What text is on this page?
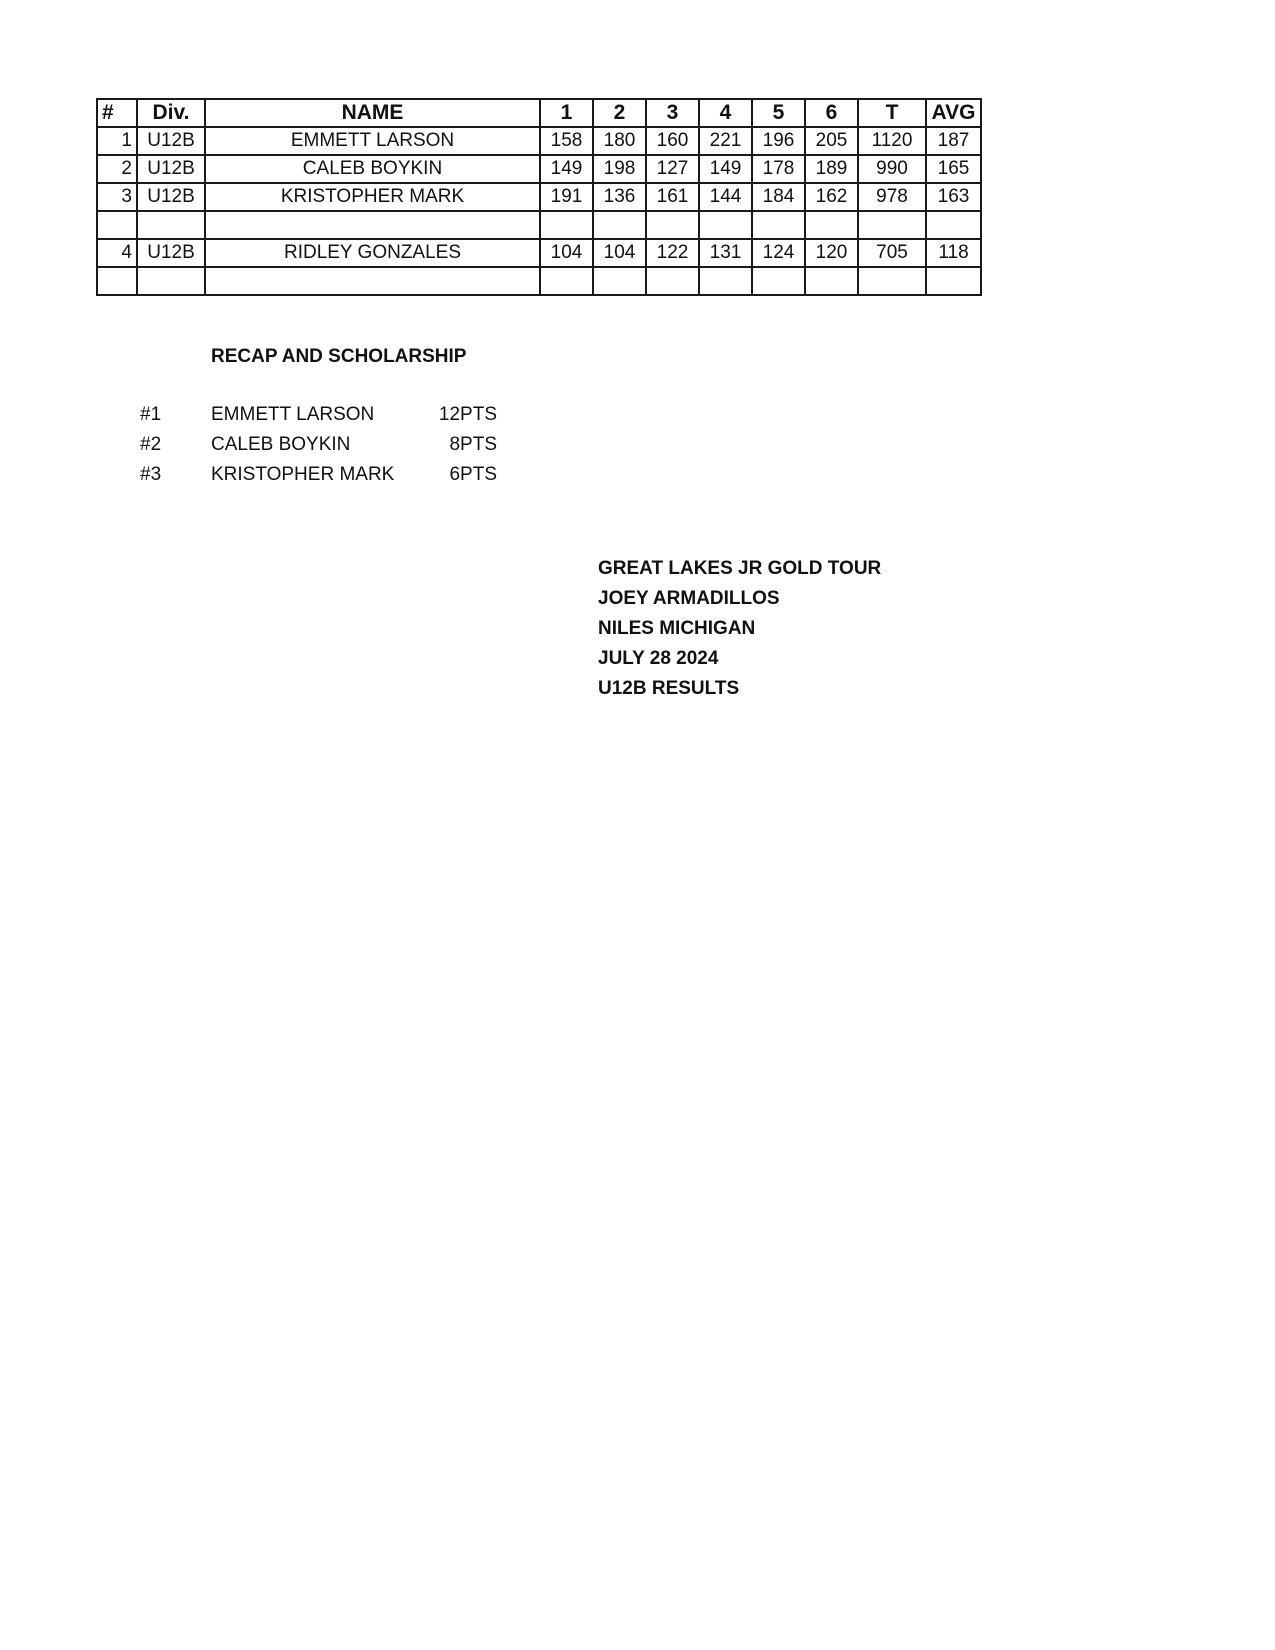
#	Div.	NAME	1	2	3	4	5	6	T	AVG
1	U12B	EMMETT LARSON	158	180	160	221	196	205	1120	187
2	U12B	CALEB BOYKIN	149	198	127	149	178	189	990	165
3	U12B	KRISTOPHER MARK	191	136	161	144	184	162	978	163

4	U12B	RIDLEY GONZALES	104	104	122	131	124	120	705	118

RECAP AND SCHOLARSHIP
#1	EMMETT LARSON	12PTS
#2	CALEB BOYKIN	8PTS
#3	KRISTOPHER MARK	6PTS
GREAT LAKES JR GOLD TOUR
JOEY ARMADILLOS
NILES MICHIGAN
JULY 28 2024
U12B RESULTS
